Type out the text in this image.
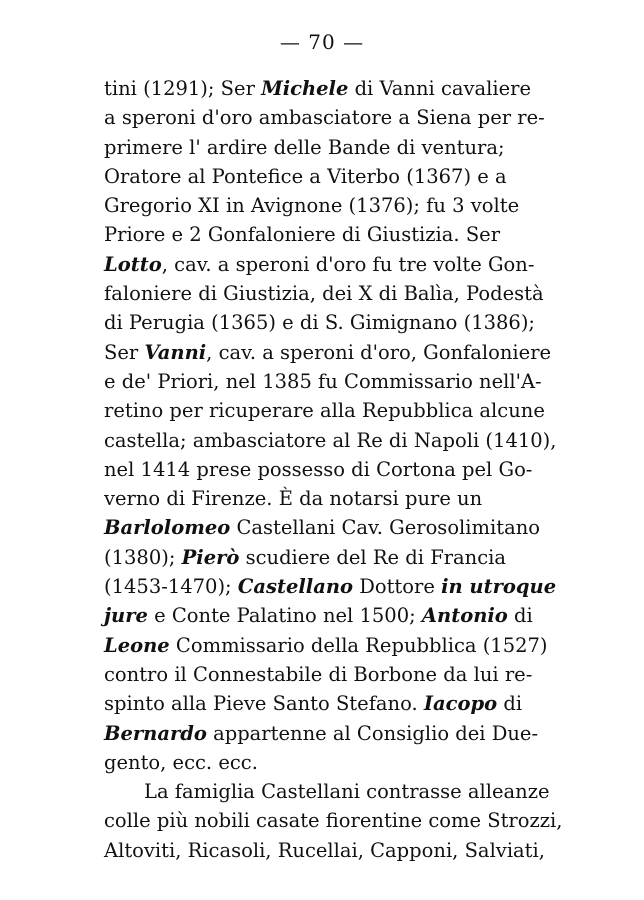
— 70 —
tini (1291); Ser Michele di Vanni cavaliere
a speroni d'oro ambasciatore a Siena per re-
primere l' ardire delle Bande di ventura;
Oratore al Pontefice a Viterbo (1367) e a
Gregorio XI in Avignone (1376); fu 3 volte
Priore e 2 Gonfaloniere di Giustizia. Ser
Lotto, cav. a speroni d'oro fu tre volte Gon-
faloniere di Giustizia, dei X di Balìa, Podestà
di Perugia (1365) e di S. Gimignano (1386);
Ser Vanni, cav. a speroni d'oro, Gonfaloniere
e de' Priori, nel 1385 fu Commissario nell'A-
retino per ricuperare alla Repubblica alcune
castella; ambasciatore al Re di Napoli (1410),
nel 1414 prese possesso di Cortona pel Go-
verno di Firenze. È da notarsi pure un
Barlolomeo Castellani Cav. Gerosolimitano
(1380); Pierò scudiere del Re di Francia
(1453-1470); Castellano Dottore in utroque
jure e Conte Palatino nel 1500; Antonio di
Leone Commissario della Repubblica (1527)
contro il Connestabile di Borbone da lui re-
spinto alla Pieve Santo Stefano. Iacopo di
Bernardo appartenne al Consiglio dei Due-
gento, ecc. ecc.
La famiglia Castellani contrasse alleanze
colle più nobili casate fiorentine come Strozzi,
Altoviti, Ricasoli, Rucellai, Capponi, Salviati,
